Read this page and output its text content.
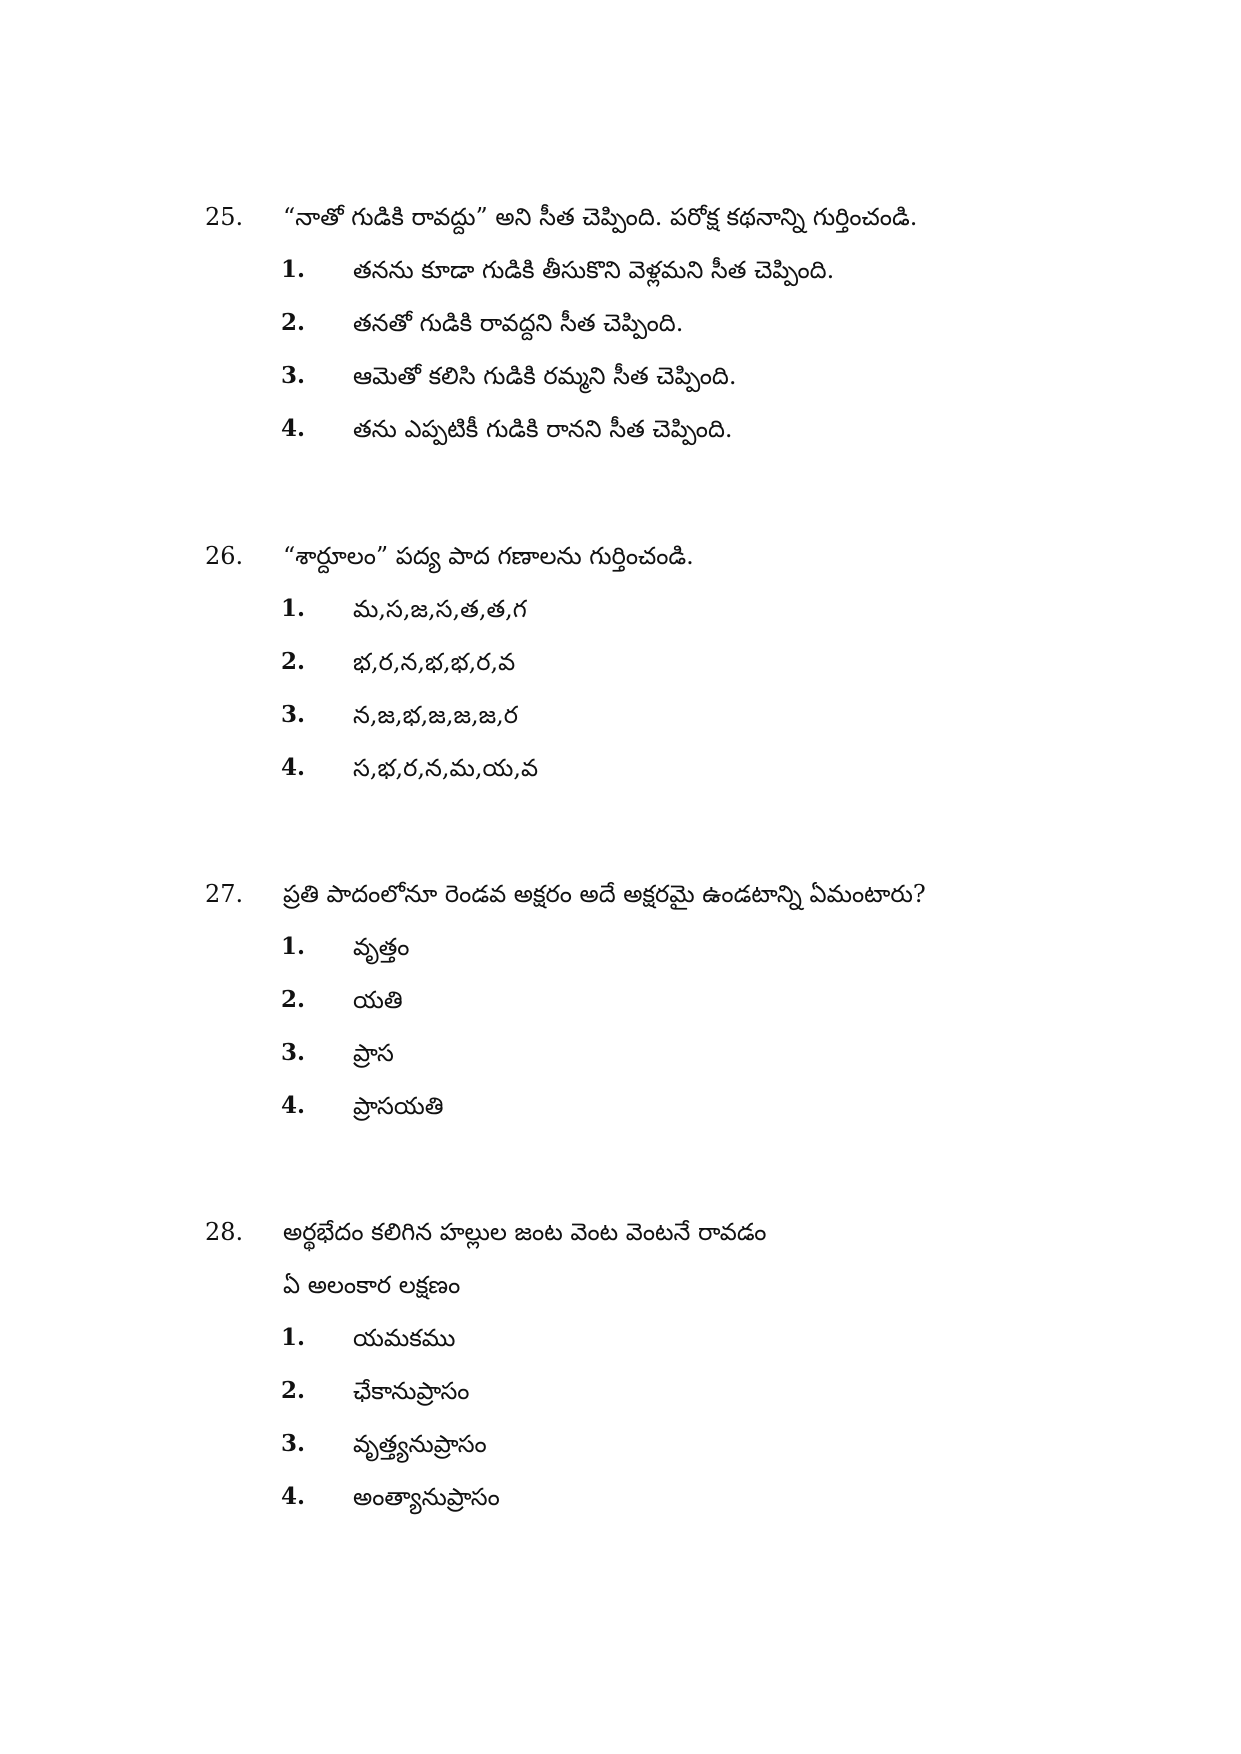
25. “నాతో గుడికి రావద్దు” అని సీత చెప్పింది. పరోక్ష కథనాన్ని గుర్తించండి.
1. తనను కూడా గుడికి తీసుకొని వెళ్లమని సీత చెప్పింది.
2. తనతో గుడికి రావద్దని సీత చెప్పింది.
3. ఆమెతో కలిసి గుడికి రమ్మని సీత చెప్పింది.
4. తను ఎప్పటికీ గుడికి రానని సీత చెప్పింది.
26. “శార్దూలం” పద్య పాద గణాలను గుర్తించండి.
1. మ,స,జ,స,త,త,గ
2. భ,ర,న,భ,భ,ర,వ
3. న,జ,భ,జ,జ,జ,ర
4. స,భ,ర,న,మ,య,వ
27. ప్రతి పాదంలోనూ రెండవ అక్షరం అదే అక్షరమై ఉండటాన్ని ఏమంటారు?
1. వృత్తం
2. యతి
3. ప్రాస
4. ప్రాసయతి
28. అర్థభేదం కలిగిన హల్లుల జంట వెంట వెంటనే రావడం
ఏ అలంకార లక్షణం
1. యమకము
2. ఛేకానుప్రాసం
3. వృత్త్యనుప్రాసం
4. అంత్యానుప్రాసం
